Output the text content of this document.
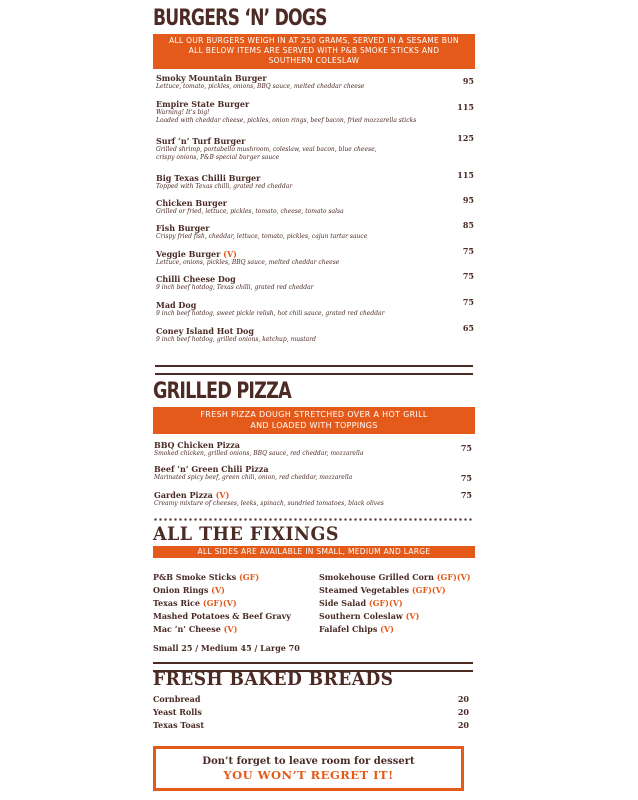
BURGERS ‘N’ DOGS
ALL OUR BURGERS WEIGH IN AT 250 GRAMS, SERVED IN A SESAME BUN
ALL BELOW ITEMS ARE SERVED WITH P&B SMOKE STICKS AND
SOUTHERN COLESLAW
Smoky Mountain Burger
Lettuce, tomato, pickles, onions, BBQ sauce, melted cheddar cheese
95
Empire State Burger
Warning! It’s big!
Loaded with cheddar cheese, pickles, onion rings, beef bacon, fried mozzarella sticks
115
Surf ‘n’ Turf Burger
Grilled shrimp, portabello mushroom, coleslaw, veal bacon, blue cheese,
crispy onions, P&B special burger sauce
125
Big Texas Chilli Burger
Topped with Texas chilli, grated red cheddar
115
Chicken Burger
Grilled or fried, lettuce, pickles, tomato, cheese, tomato salsa
95
Fish Burger
Crispy fried fish, cheddar, lettuce, tomato, pickles, cajun tartar sauce
85
Veggie Burger (V)
Lettuce, onions, pickles, BBQ sauce, melted cheddar cheese
75
Chilli Cheese Dog
9 inch beef hotdog, Texas chilli, grated red cheddar
75
Mad Dog
9 inch beef hotdog, sweet pickle relish, hot chili sauce, grated red cheddar
75
Coney Island Hot Dog
9 inch beef hotdog, grilled onions, ketchup, mustard
65
GRILLED PIZZA
FRESH PIZZA DOUGH STRETCHED OVER A HOT GRILL
AND LOADED WITH TOPPINGS
BBQ Chicken Pizza
Smoked chicken, grilled onions, BBQ sauce, red cheddar, mozzarella
75
Beef ‘n’ Green Chili Pizza
Marinated spicy beef, green chili, onion, red cheddar, mozzarella	75
Garden Pizza (V)
Creamy mixture of cheeses, leeks, spinach, sundried tomatoes, black olives
75
ALL THE FIXINGS
ALL SIDES ARE AVAILABLE IN SMALL, MEDIUM AND LARGE
P&B Smoke Sticks (GF)	Smokehouse Grilled Corn (GF)(V)
Onion Rings (V)	Steamed Vegetables (GF)(V)
Texas Rice (GF)(V)	Side Salad (GF)(V)
Mashed Potatoes & Beef Gravy	Southern Coleslaw (V)
Mac ‘n’ Cheese (V)	Falafel Chips (V)
Small 25 / Medium 45 / Large 70
FRESH BAKED BREADS
Cornbread	20
Yeast Rolls	20
Texas Toast	20
Don’t forget to leave room for dessert
YOU WON’T REGRET IT!
